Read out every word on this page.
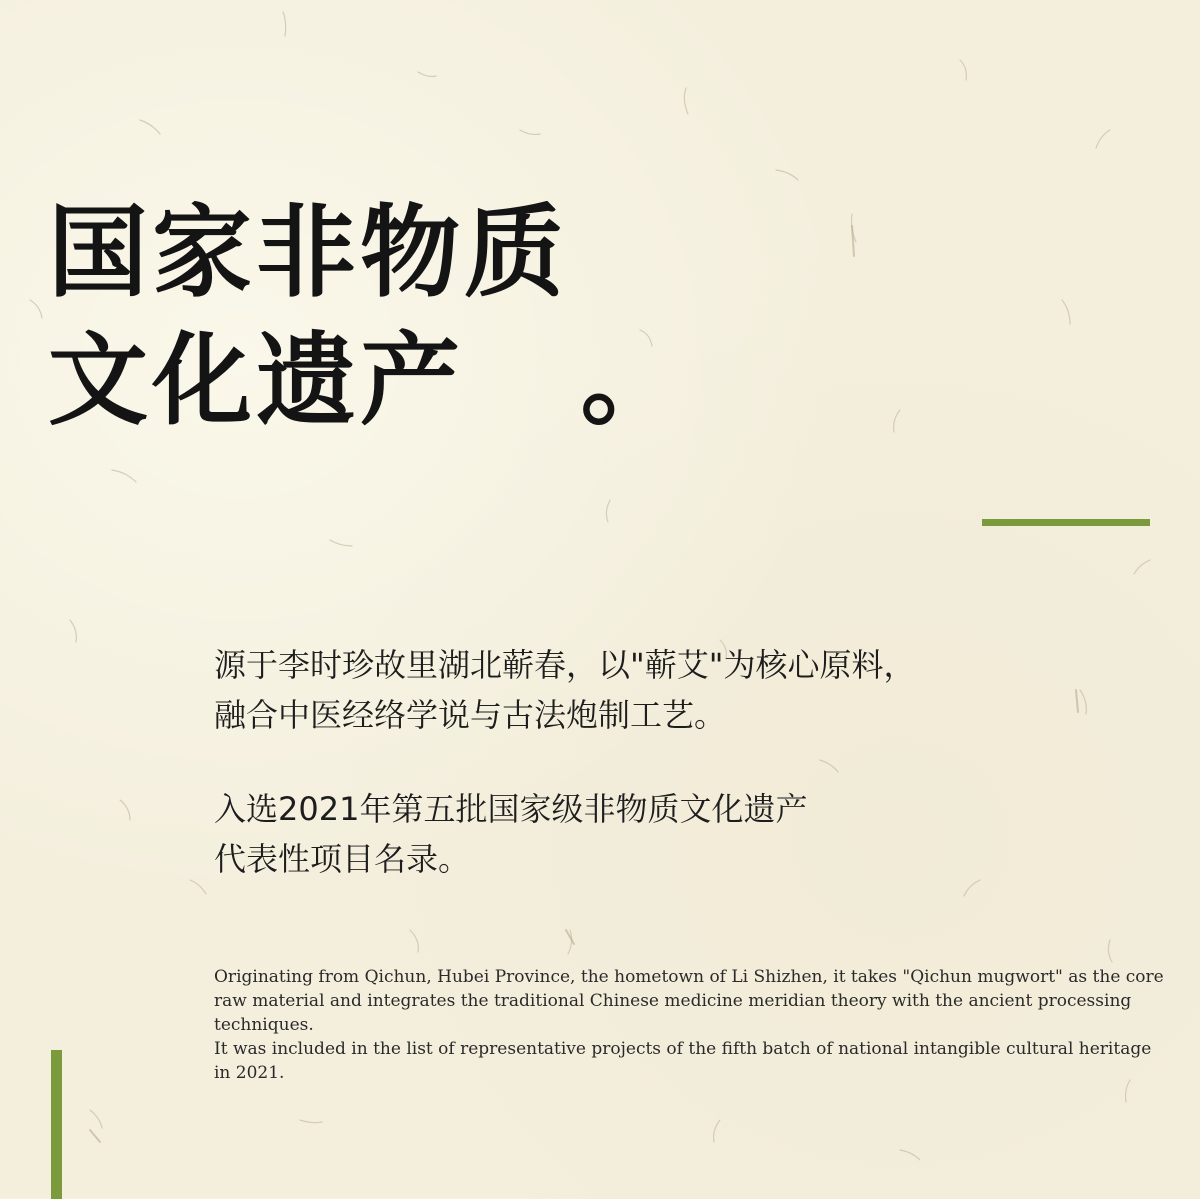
国家非物质
文化遗产   。

源于李时珍故里湖北蕲春，以"蕲艾"为核心原料，

融合中医经络学说与古法炮制工艺。

入选2021年第五批国家级非物质文化遗产

代表性项目名录。

Originating from Qichun, Hubei Province, the hometown of Li Shizhen, it takes "Qichun mugwort" as the core raw material and integrates the traditional Chinese medicine meridian theory with the ancient processing techniques.

It was included in the list of representative projects of the fifth batch of national intangible cultural heritage in 2021.
